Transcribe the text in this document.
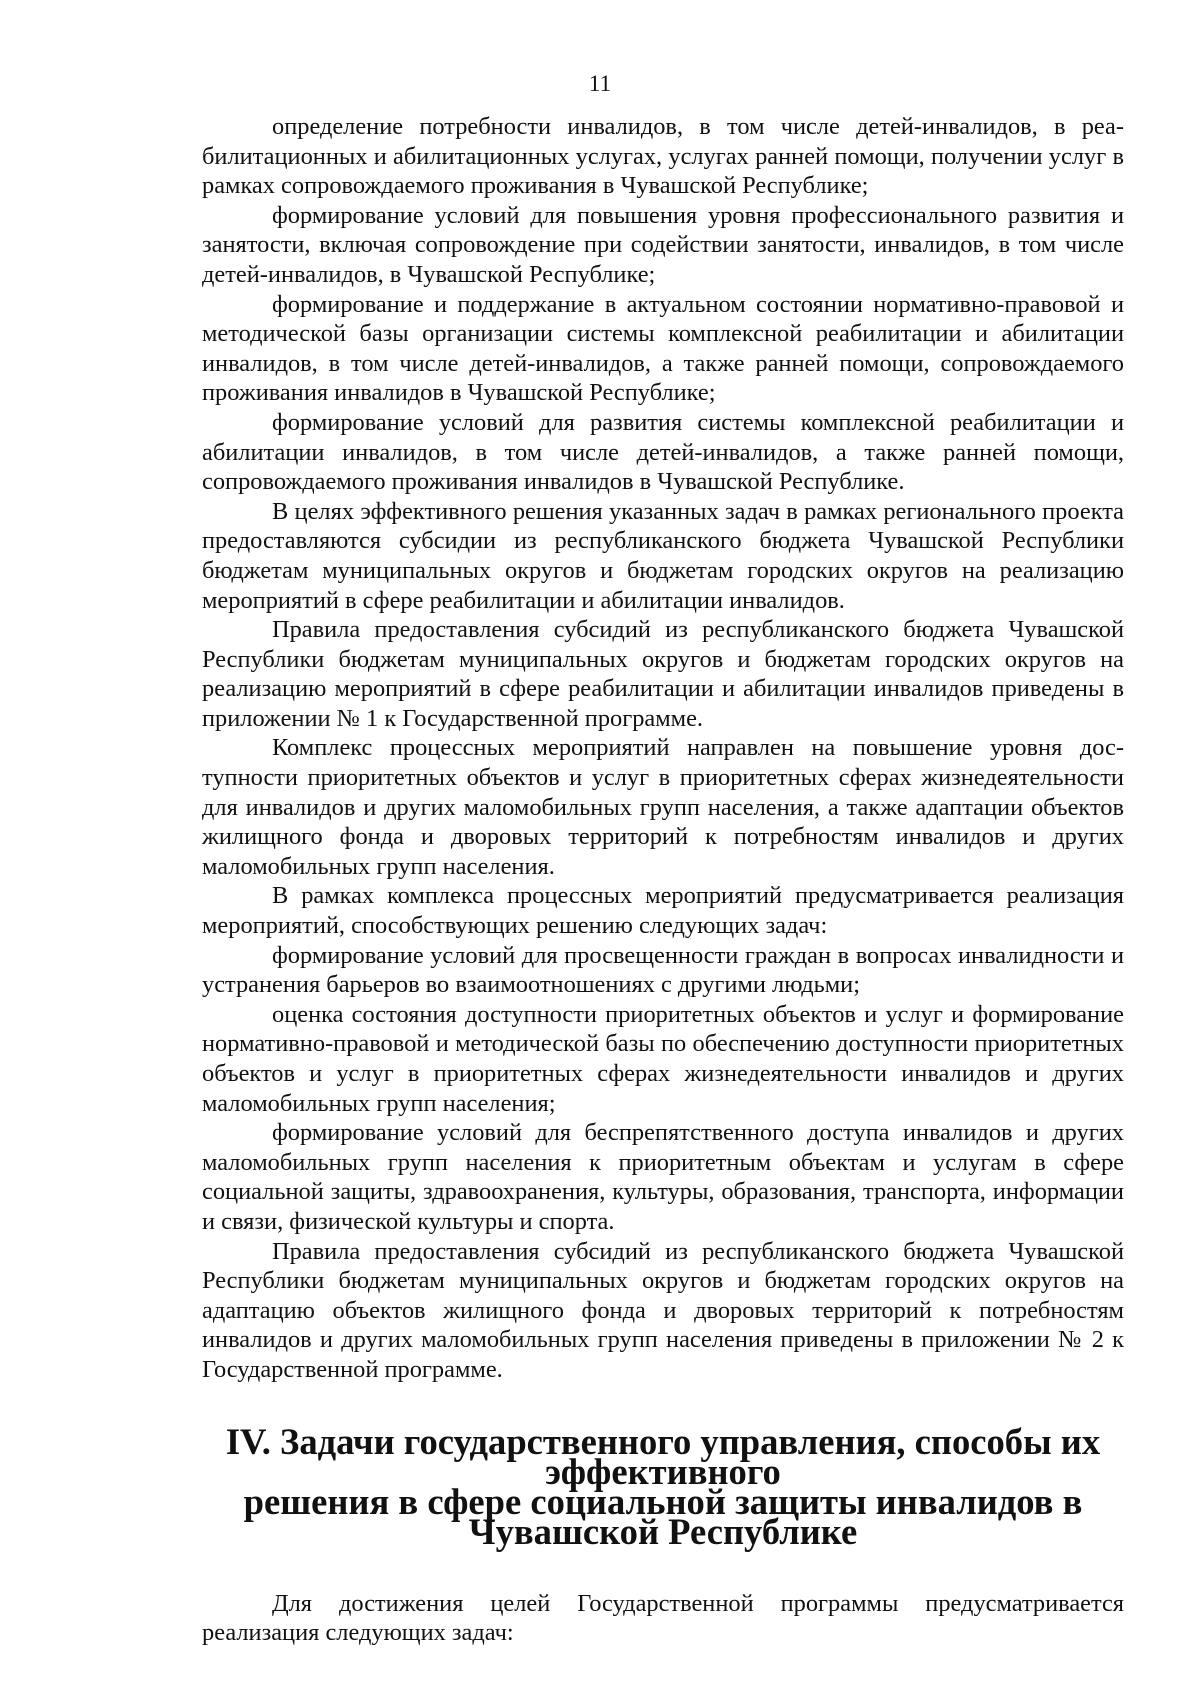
11

определение потребности инвалидов, в том числе детей-инвалидов, в реабилитационных и абилитационных услугах, услугах ранней помощи, получении услуг в рамках сопровождаемого проживания в Чувашской Республике;

формирование условий для повышения уровня профессионального развития и занятости, включая сопровождение при содействии занятости, инвалидов, в том числе детей-инвалидов, в Чувашской Республике;

формирование и поддержание в актуальном состоянии нормативно-правовой и методической базы организации системы комплексной реабилитации и абилитации инвалидов, в том числе детей-инвалидов, а также ранней помощи, сопровождаемого проживания инвалидов в Чувашской Республике;

формирование условий для развития системы комплексной реабилитации и абилитации инвалидов, в том числе детей-инвалидов, а также ранней помощи, сопровождаемого проживания инвалидов в Чувашской Республике.

В целях эффективного решения указанных задач в рамках регионального проекта предоставляются субсидии из республиканского бюджета Чувашской Республики бюджетам муниципальных округов и бюджетам городских округов на реализацию мероприятий в сфере реабилитации и абилитации инвалидов.

Правила предоставления субсидий из республиканского бюджета Чувашской Республики бюджетам муниципальных округов и бюджетам городских округов на реализацию мероприятий в сфере реабилитации и абилитации инвалидов приведены в приложении № 1 к Государственной программе.

Комплекс процессных мероприятий направлен на повышение уровня доступности приоритетных объектов и услуг в приоритетных сферах жизнедеятельности для инвалидов и других маломобильных групп населения, а также адаптации объектов жилищного фонда и дворовых территорий к потребностям инвалидов и других маломобильных групп населения.

В рамках комплекса процессных мероприятий предусматривается реализация мероприятий, способствующих решению следующих задач:

формирование условий для просвещенности граждан в вопросах инвалидности и устранения барьеров во взаимоотношениях с другими людьми;

оценка состояния доступности приоритетных объектов и услуг и формирование нормативно-правовой и методической базы по обеспечению доступности приоритетных объектов и услуг в приоритетных сферах жизнедеятельности инвалидов и других маломобильных групп населения;

формирование условий для беспрепятственного доступа инвалидов и других маломобильных групп населения к приоритетным объектам и услугам в сфере социальной защиты, здравоохранения, культуры, образования, транспорта, информации и связи, физической культуры и спорта.

Правила предоставления субсидий из республиканского бюджета Чувашской Республики бюджетам муниципальных округов и бюджетам городских округов на адаптацию объектов жилищного фонда и дворовых территорий к потребностям инвалидов и других маломобильных групп населения приведены в приложении № 2 к Государственной программе.

IV. Задачи государственного управления, способы их эффективного
решения в сфере социальной защиты инвалидов в Чувашской Республике

Для достижения целей Государственной программы предусматривается реализация следующих задач:
